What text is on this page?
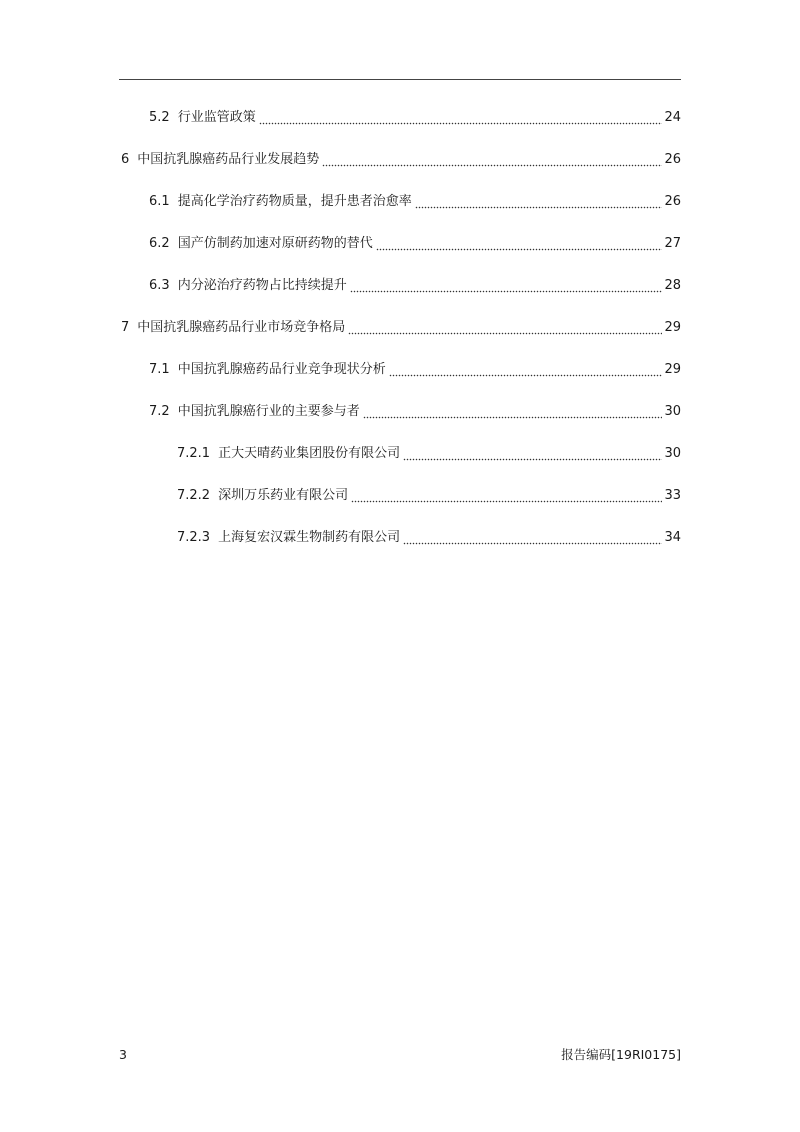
5.2 行业监管政策	24
6 中国抗乳腺癌药品行业发展趋势	26
6.1 提高化学治疗药物质量，提升患者治愈率	26
6.2 国产仿制药加速对原研药物的替代	27
6.3 内分泌治疗药物占比持续提升	28
7 中国抗乳腺癌药品行业市场竞争格局	29
7.1 中国抗乳腺癌药品行业竞争现状分析	29
7.2 中国抗乳腺癌行业的主要参与者	30
7.2.1 正大天晴药业集团股份有限公司	30
7.2.2 深圳万乐药业有限公司	33
7.2.3 上海复宏汉霖生物制药有限公司	34
3	报告编码[19RI0175]
